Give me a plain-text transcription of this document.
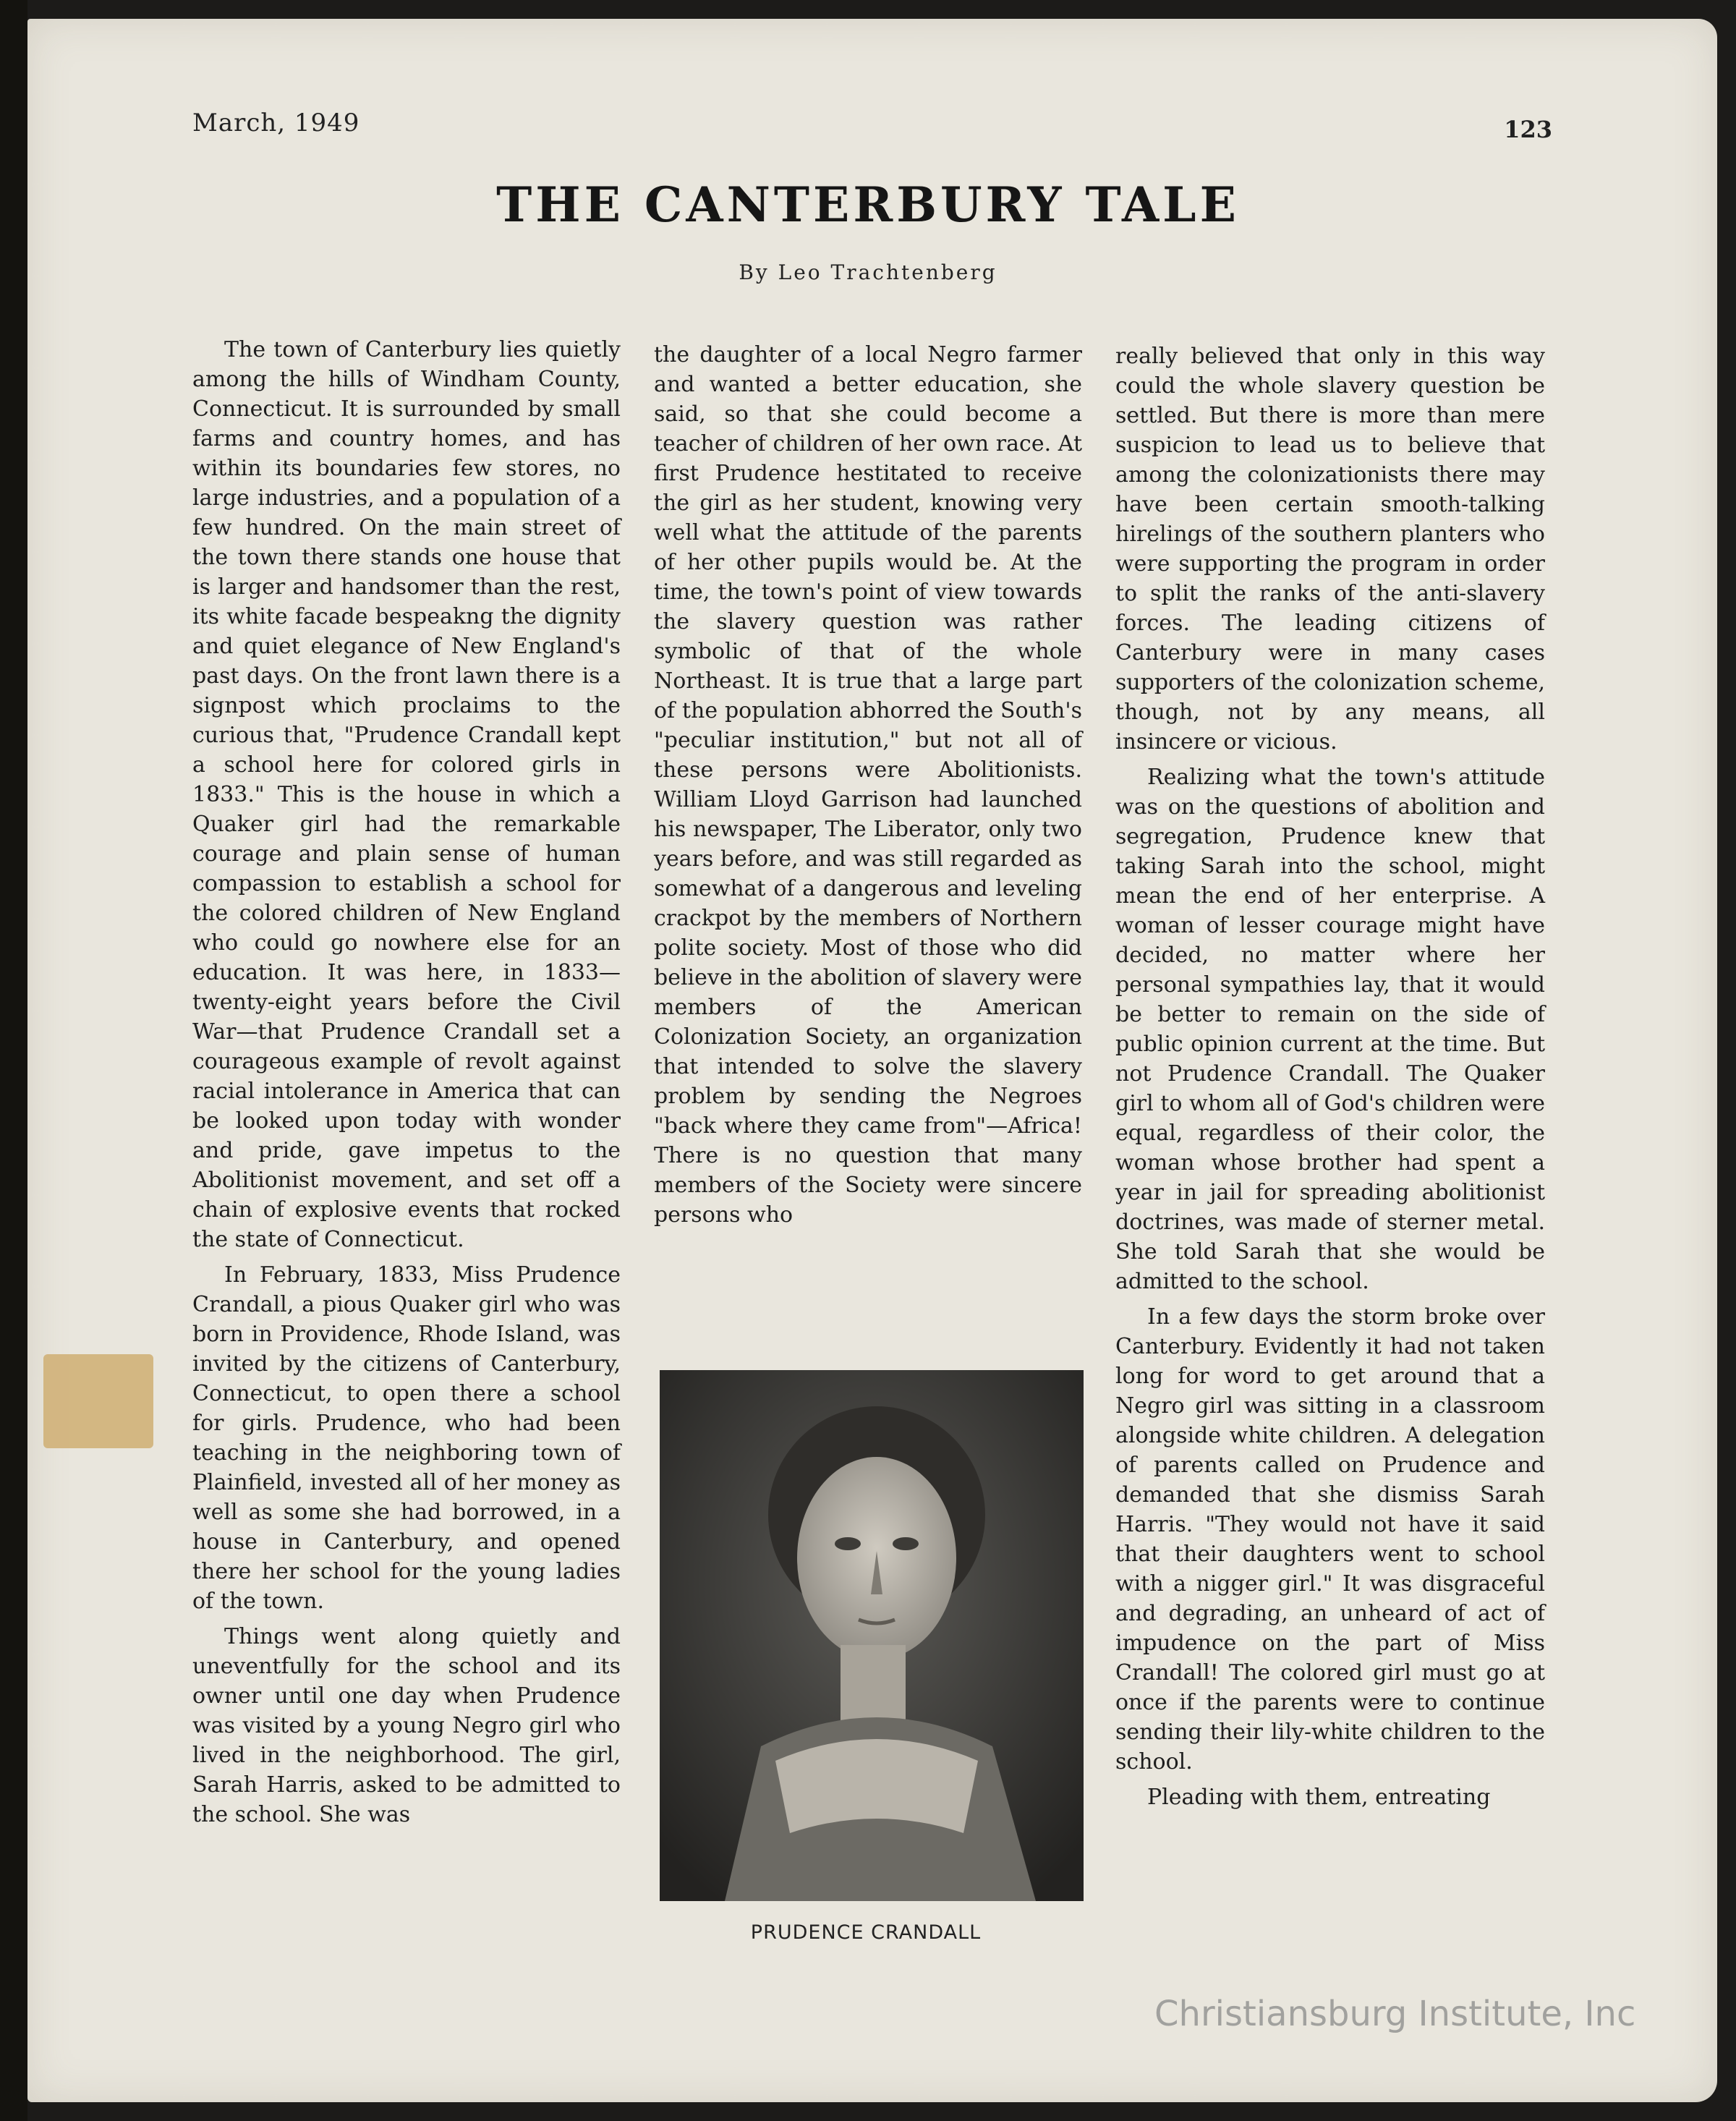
March, 1949	123
THE CANTERBURY TALE
By Leo Trachtenberg

The town of Canterbury lies quietly among the hills of Windham County, Connecticut. It is surrounded by small farms and country homes, and has within its boundaries few stores, no large industries, and a population of a few hundred. On the main street of the town there stands one house that is larger and handsomer than the rest, its white facade bespeakng the dignity and quiet elegance of New England's past days. On the front lawn there is a signpost which proclaims to the curious that, "Prudence Crandall kept a school here for colored girls in 1833." This is the house in which a Quaker girl had the remarkable courage and plain sense of human compassion to establish a school for the colored children of New England who could go nowhere else for an education. It was here, in 1833—twenty-eight years before the Civil War—that Prudence Crandall set a courageous example of revolt against racial intolerance in America that can be looked upon today with wonder and pride, gave impetus to the Abolitionist movement, and set off a chain of explosive events that rocked the state of Connecticut.

In February, 1833, Miss Prudence Crandall, a pious Quaker girl who was born in Providence, Rhode Island, was invited by the citizens of Canterbury, Connecticut, to open there a school for girls. Prudence, who had been teaching in the neighboring town of Plainfield, invested all of her money as well as some she had borrowed, in a house in Canterbury, and opened there her school for the young ladies of the town.

Things went along quietly and uneventfully for the school and its owner until one day when Prudence was visited by a young Negro girl who lived in the neighborhood. The girl, Sarah Harris, asked to be admitted to the school. She was

the daughter of a local Negro farmer and wanted a better education, she said, so that she could become a teacher of children of her own race. At first Prudence hestitated to receive the girl as her student, knowing very well what the attitude of the parents of her other pupils would be. At the time, the town's point of view towards the slavery question was rather symbolic of that of the whole Northeast. It is true that a large part of the population abhorred the South's "peculiar institution," but not all of these persons were Abolitionists. William Lloyd Garrison had launched his newspaper, The Liberator, only two years before, and was still regarded as somewhat of a dangerous and leveling crackpot by the members of Northern polite society. Most of those who did believe in the abolition of slavery were members of the American Colonization Society, an organization that intended to solve the slavery problem by sending the Negroes "back where they came from"—Africa! There is no question that many members of the Society were sincere persons who

really believed that only in this way could the whole slavery question be settled. But there is more than mere suspicion to lead us to believe that among the colonizationists there may have been certain smooth-talking hirelings of the southern planters who were supporting the program in order to split the ranks of the anti-slavery forces. The leading citizens of Canterbury were in many cases supporters of the colonization scheme, though, not by any means, all insincere or vicious.

Realizing what the town's attitude was on the questions of abolition and segregation, Prudence knew that taking Sarah into the school, might mean the end of her enterprise. A woman of lesser courage might have decided, no matter where her personal sympathies lay, that it would be better to remain on the side of public opinion current at the time. But not Prudence Crandall. The Quaker girl to whom all of God's children were equal, regardless of their color, the woman whose brother had spent a year in jail for spreading abolitionist doctrines, was made of sterner metal. She told Sarah that she would be admitted to the school.

In a few days the storm broke over Canterbury. Evidently it had not taken long for word to get around that a Negro girl was sitting in a classroom alongside white children. A delegation of parents called on Prudence and demanded that she dismiss Sarah Harris. "They would not have it said that their daughters went to school with a nigger girl." It was disgraceful and degrading, an unheard of act of impudence on the part of Miss Crandall! The colored girl must go at once if the parents were to continue sending their lily-white children to the school.

Pleading with them, entreating

PRUDENCE CRANDALL
Christiansburg Institute, Inc
